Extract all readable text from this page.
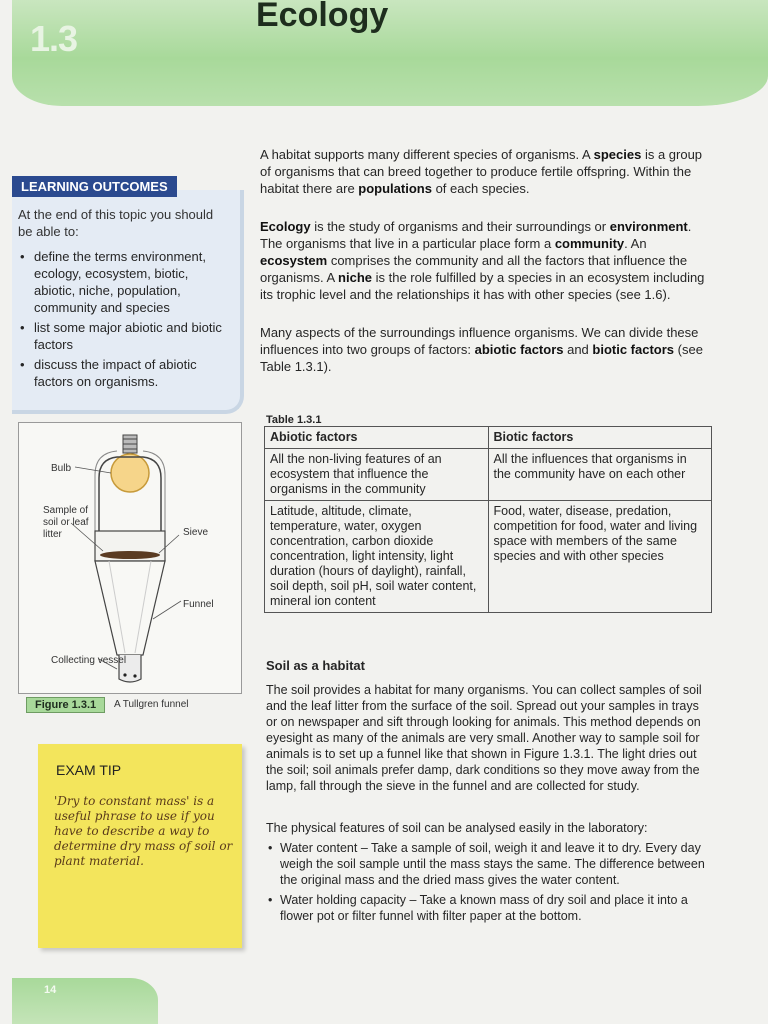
1.3
Ecology
LEARNING OUTCOMES
At the end of this topic you should be able to:
• define the terms environment, ecology, ecosystem, biotic, abiotic, niche, population, community and species
• list some major abiotic and biotic factors
• discuss the impact of abiotic factors on organisms.
Bulb
Sample of soil or leaf litter	Sieve
Funnel
Collecting vessel
Figure 1.3.1	A Tullgren funnel
EXAM TIP
'Dry to constant mass' is a useful phrase to use if you have to describe a way to determine dry mass of soil or plant material.
A habitat supports many different species of organisms. A species is a group of organisms that can breed together to produce fertile offspring. Within the habitat there are populations of each species.
Ecology is the study of organisms and their surroundings or environment. The organisms that live in a particular place form a community. An ecosystem comprises the community and all the factors that influence the organisms. A niche is the role fulfilled by a species in an ecosystem including its trophic level and the relationships it has with other species (see 1.6).
Many aspects of the surroundings influence organisms. We can divide these influences into two groups of factors: abiotic factors and biotic factors (see Table 1.3.1).
Table 1.3.1
Abiotic factors	Biotic factors
All the non-living features of an ecosystem that influence the organisms in the community	All the influences that organisms in the community have on each other
Latitude, altitude, climate, temperature, water, oxygen concentration, carbon dioxide concentration, light intensity, light duration (hours of daylight), rainfall, soil depth, soil pH, soil water content, mineral ion content	Food, water, disease, predation, competition for food, water and living space with members of the same species and with other species
Soil as a habitat
The soil provides a habitat for many organisms. You can collect samples of soil and the leaf litter from the surface of the soil. Spread out your samples in trays or on newspaper and sift through looking for animals. This method depends on eyesight as many of the animals are very small. Another way to sample soil for animals is to set up a funnel like that shown in Figure 1.3.1. The light dries out the soil; soil animals prefer damp, dark conditions so they move away from the lamp, fall through the sieve in the funnel and are collected for study.
The physical features of soil can be analysed easily in the laboratory:
• Water content – Take a sample of soil, weigh it and leave it to dry. Every day weigh the soil sample until the mass stays the same. The difference between the original mass and the dried mass gives the water content.
• Water holding capacity – Take a known mass of dry soil and place it into a flower pot or filter funnel with filter paper at the bottom.
14
